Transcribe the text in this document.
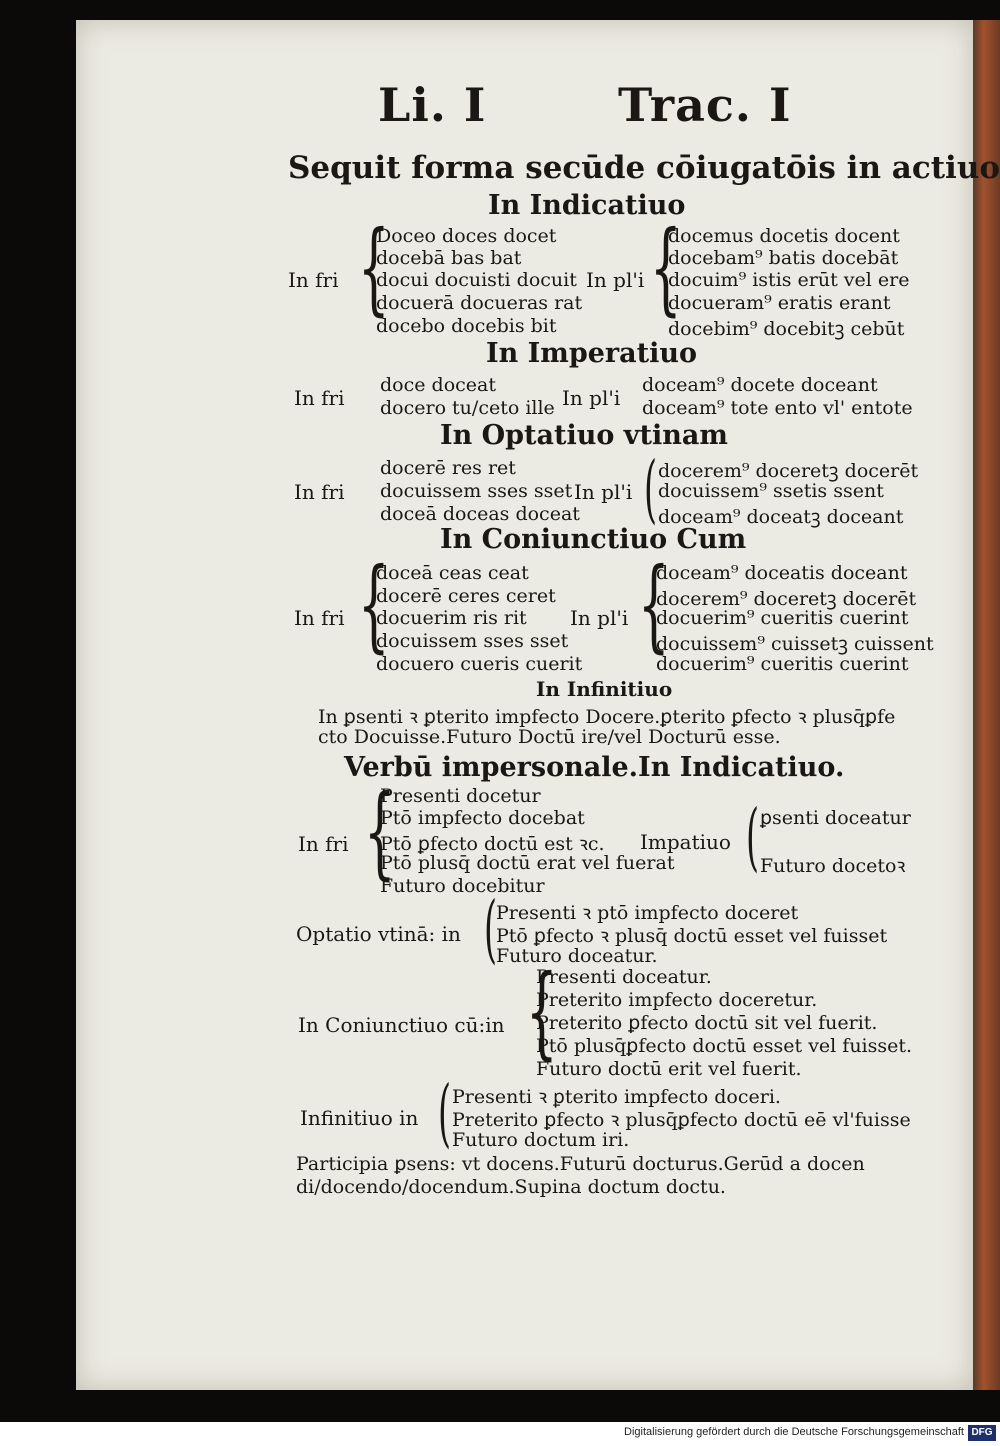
Li. I	Trac. I
Sequit forma secūde cōiugatōis in actiuo
In Indicatiuo
In fri {
Doceo doces docet
docebā bas bat
docui docuisti docuit
docuerā docueras rat
docebo docebis bit
In pl'i {
docemus docetis docent
docebam⁹ batis docebāt
docuim⁹ istis erūt vel ere
docueram⁹ eratis erant
docebim⁹ docebitꝫ cebūt
In Imperatiuo
In fri
doce doceat
docero tu/ceto ille In pl'i
doceam⁹ docete doceant
doceam⁹ tote ento vl' entote
In Optatiuo vtinam
In fri
docerē res ret
docuissem sses sset
doceā doceas doceat
In pl'i ( docerem⁹ doceretꝫ docerēt
docuissem⁹ ssetis ssent
doceam⁹ doceatꝫ doceant
In Coniunctiuo Cum
In fri {
doceā ceas ceat
docerē ceres ceret
docuerim ris rit
docuissem sses sset
docuero cueris cuerit
In pl'i {
doceam⁹ doceatis doceant
docerem⁹ doceretꝫ docerēt
docuerim⁹ cueritis cuerint
docuissem⁹ cuissetꝫ cuissent
docuerim⁹ cueritis cuerint
In Infinitiuo
In ꝑsenti ꝛ ꝑterito impfecto Docere.ꝑterito ꝑfecto ꝛ plusq̄ꝑfe
cto Docuisse.Futuro Doctū ire/vel Docturū esse.
Verbū impersonale.In Indicatiuo.
In fri {
Presenti docetur
Ptō impfecto docebat
Ptō ꝑfecto doctū est ꝛc.
Ptō plusq̄ doctū erat vel fuerat
Futuro docebitur
Impatiuo ( ꝑsenti doceatur
Futuro docetoꝛ
Optatio vtinā: in ( Presenti ꝛ ptō impfecto doceret
Ptō ꝑfecto ꝛ plusq̄ doctū esset vel fuisset
Futuro doceatur.
In Coniunctiuo cū:in {
Presenti doceatur.
Preterito impfecto doceretur.
Preterito ꝑfecto doctū sit vel fuerit.
Ptō plusq̄ꝑfecto doctū esset vel fuisset.
Futuro doctū erit vel fuerit.
Infinitiuo in ( Presenti ꝛ ꝑterito impfecto doceri.
Preterito ꝑfecto ꝛ plusq̄ꝑfecto doctū eē vl'fuisse
Futuro doctum iri.
Participia ꝑsens: vt docens.Futurū docturus.Gerūd a docen
di/docendo/docendum.Supina doctum doctu.
Digitalisierung gefördert durch die Deutsche Forschungsgemeinschaft DFG
